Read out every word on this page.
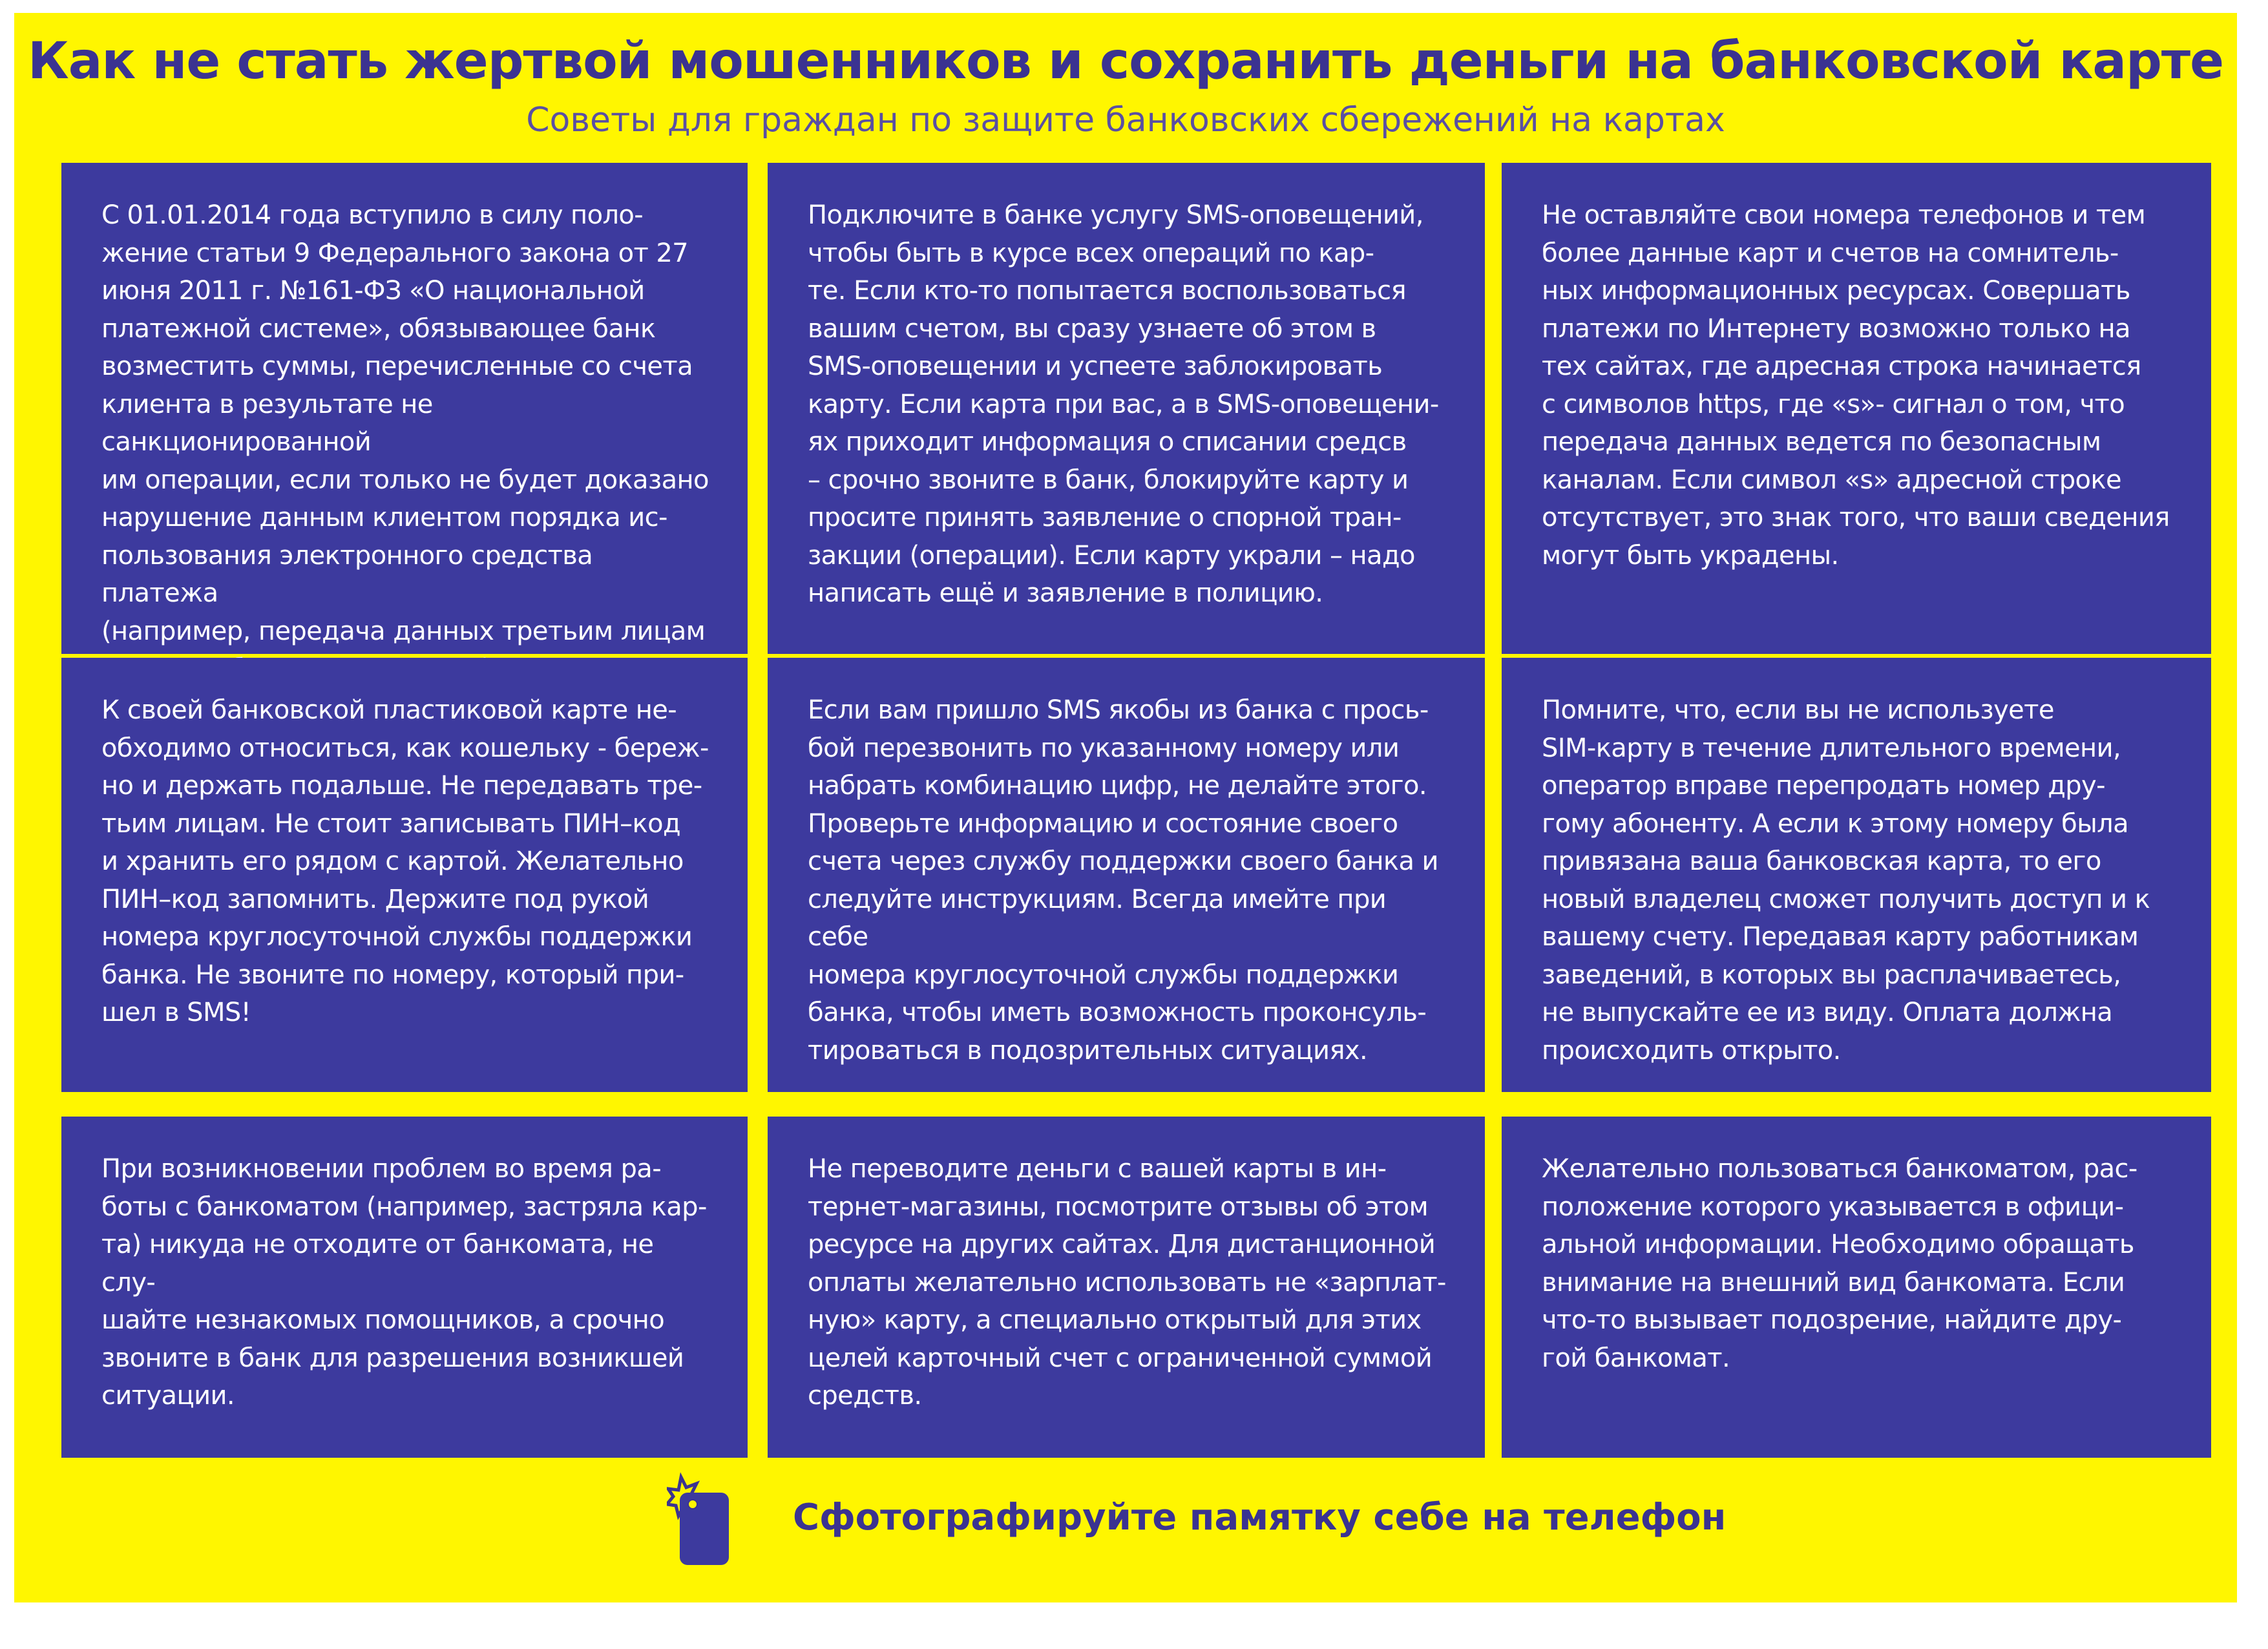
Как не стать жертвой мошенников и сохранить деньги на банковской карте
Советы для граждан по защите банковских сбережений на картах
С 01.01.2014 года вступило в силу поло-
жение статьи 9 Федерального закона от 27
июня 2011 г. №161-ФЗ «О национальной
платежной системе», обязывающее банк
возместить суммы, перечисленные со счета
клиента в результате не санкционированной
им операции, если только не будет доказано
нарушение данным клиентом порядка ис-
пользования электронного средства платежа
(например, передача данных третьим лицам

Подключите в банке услугу SMS-оповещений,
чтобы быть в курсе всех операций по кар-
те. Если кто-то попытается воспользоваться
вашим счетом, вы сразу узнаете об этом в
SMS-оповещении и успеете заблокировать
карту. Если карта при вас, а в SMS-оповещени-
ях приходит информация о списании средсв
– срочно звоните в банк, блокируйте карту и
просите принять заявление о спорной тран-
закции (операции). Если карту украли – надо
написать ещё и заявление в полицию.
Не оставляйте свои номера телефонов и тем
более данные карт и счетов на сомнитель-
ных информационных ресурсах. Совершать
платежи по Интернету возможно только на
тех сайтах, где адресная строка начинается
с символов https, где «s»- сигнал о том, что
передача данных ведется по безопасным
каналам. Если символ «s» адресной строке
отсутствует, это знак того, что ваши сведения
могут быть украдены.
К своей банковской пластиковой карте не-
обходимо относиться, как кошельку - береж-
но и держать подальше. Не передавать тре-
тьим лицам. Не стоит записывать ПИН–код
и хранить его рядом с картой. Желательно
ПИН–код запомнить. Держите под рукой
номера круглосуточной службы поддержки
банка. Не звоните по номеру, который при-
шел в SMS!
Если вам пришло SMS якобы из банка с прось-
бой перезвонить по указанному номеру или
набрать комбинацию цифр, не делайте этого.
Проверьте информацию и состояние своего
счета через службу поддержки своего банка и
следуйте инструкциям. Всегда имейте при себе
номера круглосуточной службы поддержки
банка, чтобы иметь возможность проконсуль-
тироваться в подозрительных ситуациях.
Помните, что, если вы не используете
SIM-карту в течение длительного времени,
оператор вправе перепродать номер дру-
гому абоненту. А если к этому номеру была
привязана ваша банковская карта, то его
новый владелец сможет получить доступ и к
вашему счету. Передавая карту работникам
заведений, в которых вы расплачиваетесь,
не выпускайте ее из виду. Оплата должна
происходить открыто.
При возникновении проблем во время ра-
боты с банкоматом (например, застряла кар-
та) никуда не отходите от банкомата, не слу-
шайте незнакомых помощников, а срочно
звоните в банк для разрешения возникшей
ситуации.
Не переводите деньги с вашей карты в ин-
тернет-магазины, посмотрите отзывы об этом
ресурсе на других сайтах. Для дистанционной
оплаты желательно использовать не «зарплат-
ную» карту, а специально открытый для этих
целей карточный счет с ограниченной суммой
средств.
Желательно пользоваться банкоматом, рас-
положение которого указывается в офици-
альной информации. Необходимо обращать
внимание на внешний вид банкомата. Если
что-то вызывает подозрение, найдите дру-
гой банкомат.
Сфотографируйте памятку себе на телефон
